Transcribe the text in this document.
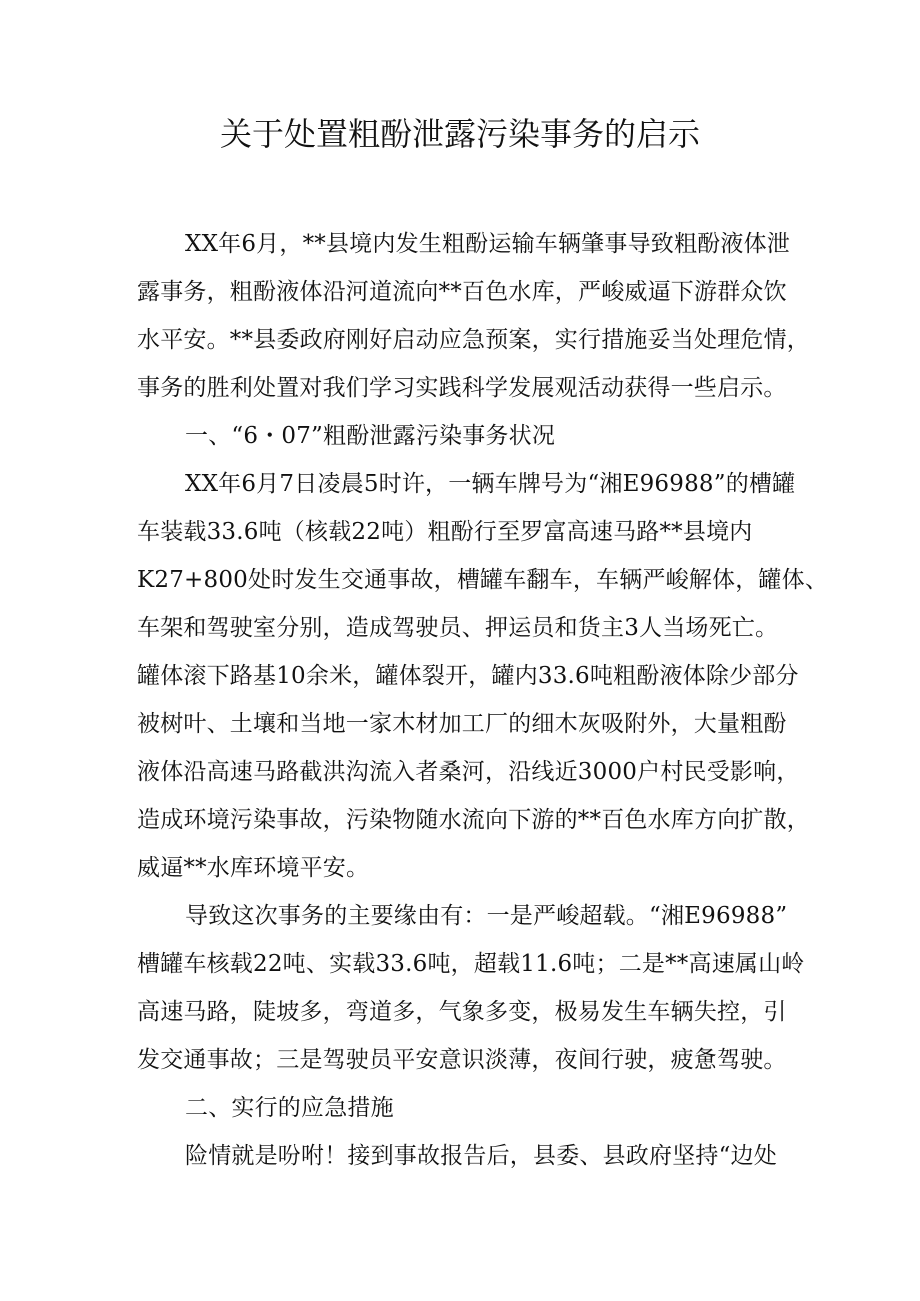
关于处置粗酚泄露污染事务的启示
XX年6月，**县境内发生粗酚运输车辆肇事导致粗酚液体泄
露事务，粗酚液体沿河道流向**百色水库，严峻威逼下游群众饮
水平安。**县委政府刚好启动应急预案，实行措施妥当处理危情，
事务的胜利处置对我们学习实践科学发展观活动获得一些启示。
一、“6・07”粗酚泄露污染事务状况
XX年6月7日凌晨5时许，一辆车牌号为“湘E96988”的槽罐
车装载33.6吨（核载22吨）粗酚行至罗富高速马路**县境内
K27+800处时发生交通事故，槽罐车翻车，车辆严峻解体，罐体、
车架和驾驶室分别，造成驾驶员、押运员和货主3人当场死亡。
罐体滚下路基10余米，罐体裂开，罐内33.6吨粗酚液体除少部分
被树叶、土壤和当地一家木材加工厂的细木灰吸附外，大量粗酚
液体沿高速马路截洪沟流入者桑河，沿线近3000户村民受影响，
造成环境污染事故，污染物随水流向下游的**百色水库方向扩散，
威逼**水库环境平安。
导致这次事务的主要缘由有：一是严峻超载。“湘E96988”
槽罐车核载22吨、实载33.6吨，超载11.6吨；二是**高速属山岭
高速马路，陡坡多，弯道多，气象多变，极易发生车辆失控，引
发交通事故；三是驾驶员平安意识淡薄，夜间行驶，疲惫驾驶。
二、实行的应急措施
险情就是吩咐！接到事故报告后，县委、县政府坚持“边处
